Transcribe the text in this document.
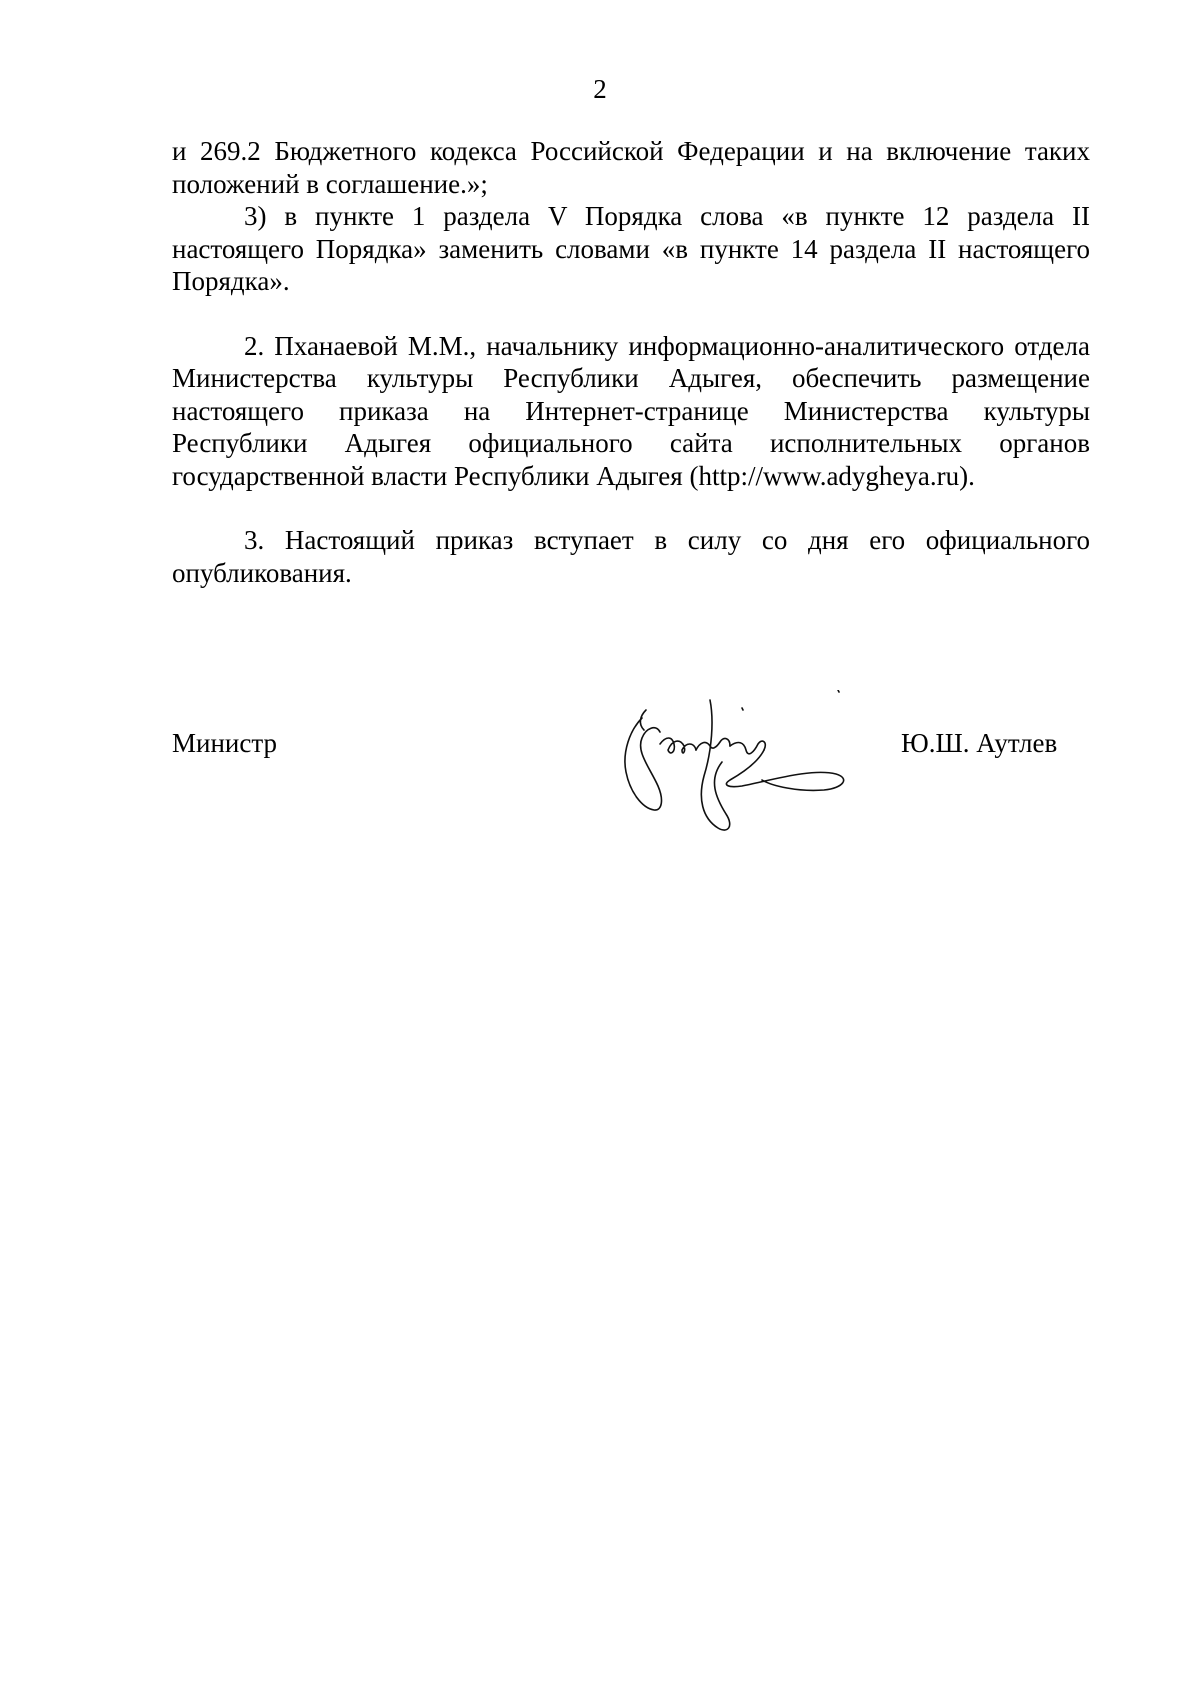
2

и 269.2 Бюджетного кодекса Российской Федерации и на включение таких положений в соглашение.»;

3) в пункте 1 раздела V Порядка слова «в пункте 12 раздела II настоящего Порядка» заменить словами «в пункте 14 раздела II настоящего Порядка».

2. Пханаевой М.М., начальнику информационно-аналитического отдела Министерства культуры Республики Адыгея, обеспечить размещение настоящего приказа на Интернет-странице Министерства культуры Республики Адыгея официального сайта исполнительных органов государственной власти Республики Адыгея (http://www.adygheya.ru).

3. Настоящий приказ вступает в силу со дня его официального опубликования.

Министр	Ю.Ш. Аутлев
